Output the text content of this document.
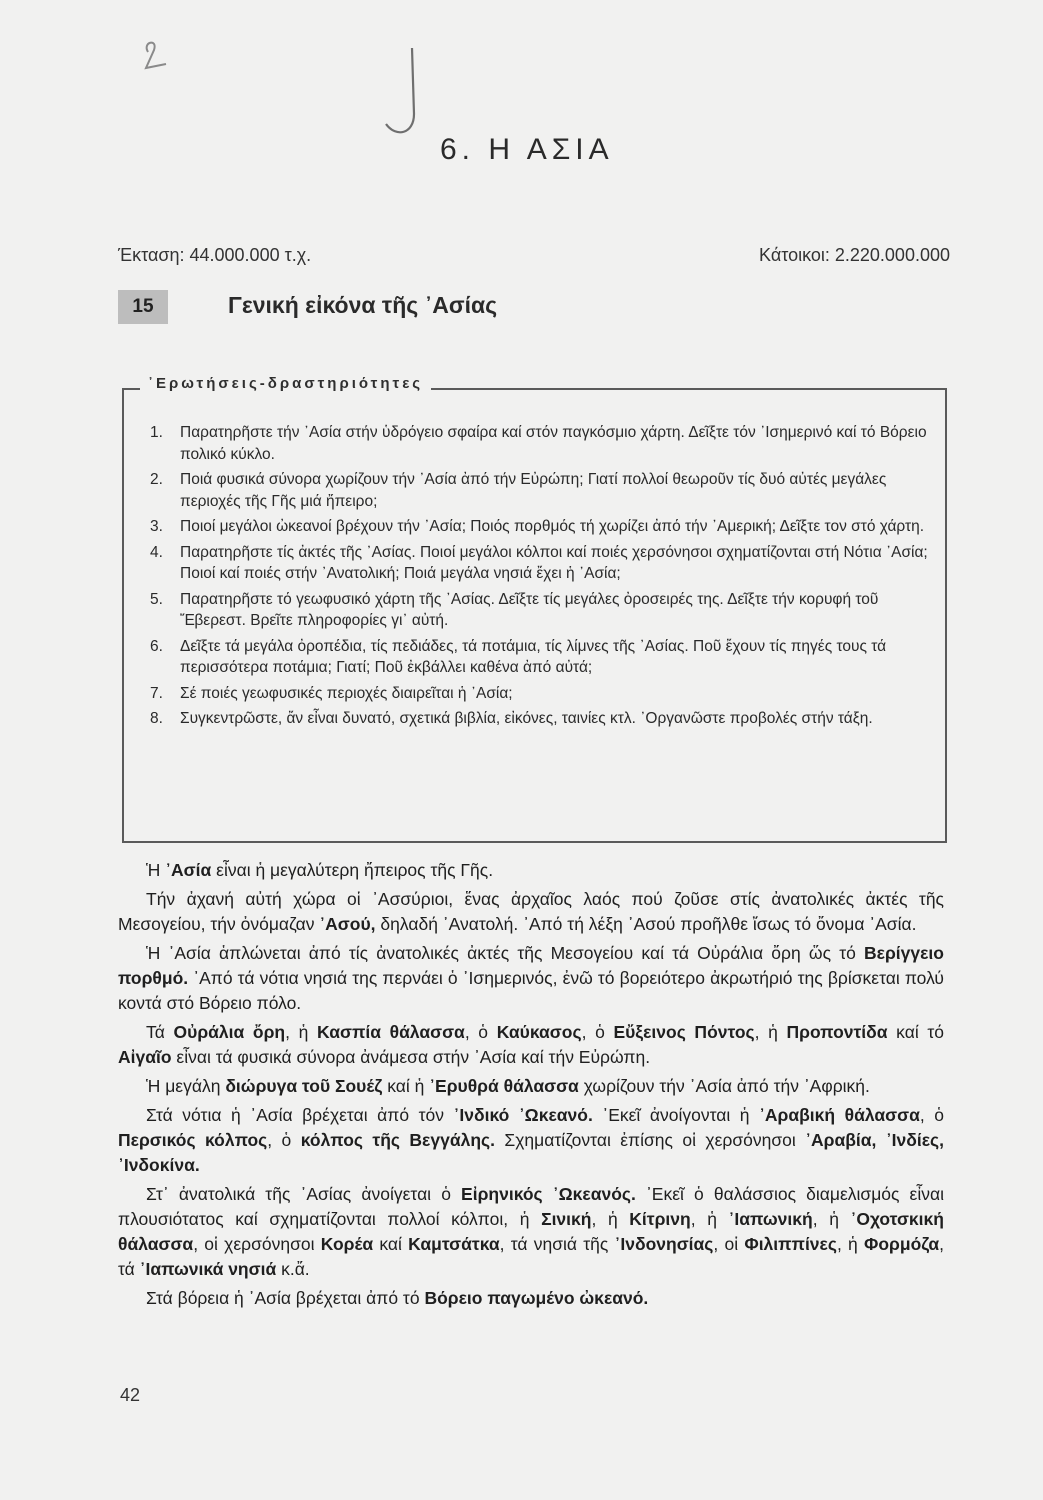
6. Η ΑΣΙΑ
Έκταση: 44.000.000 τ.χ.	Κάτοικοι: 2.220.000.000
15	Γενική εἰκόνα τῆς ᾿Ασίας
᾿Ερωτήσεις-δραστηριότητες
1.	Παρατηρῆστε τήν ᾿Ασία στήν ὑδρόγειο σφαίρα καί στόν παγκόσμιο χάρτη. Δεῖξτε τόν ᾿Ισημερινό καί τό Βόρειο πολικό κύκλο.
2.	Ποιά φυσικά σύνορα χωρίζουν τήν ᾿Ασία ἀπό τήν Εὐρώπη; Γιατί πολλοί θεωροῦν τίς δυό αὐτές μεγάλες περιοχές τῆς Γῆς μιά ἤπειρο;
3.	Ποιοί μεγάλοι ὠκεανοί βρέχουν τήν ᾿Ασία; Ποιός πορθμός τή χωρίζει ἀπό τήν ᾿Αμερική; Δεῖξτε τον στό χάρτη.
4.	Παρατηρῆστε τίς ἀκτές τῆς ᾿Ασίας. Ποιοί μεγάλοι κόλποι καί ποιές χερσόνησοι σχηματίζονται στή Νότια ᾿Ασία; Ποιοί καί ποιές στήν ᾿Ανατολική; Ποιά μεγάλα νησιά ἔχει ἡ ᾿Ασία;
5.	Παρατηρῆστε τό γεωφυσικό χάρτη τῆς ᾿Ασίας. Δεῖξτε τίς μεγάλες ὀροσειρές της. Δεῖξτε τήν κορυφή τοῦ Ἔβερεστ. Βρεῖτε πληροφορίες γι᾿ αὐτή.
6.	Δεῖξτε τά μεγάλα ὀροπέδια, τίς πεδιάδες, τά ποτάμια, τίς λίμνες τῆς ᾿Ασίας. Ποῦ ἔχουν τίς πηγές τους τά περισσότερα ποτάμια; Γιατί; Ποῦ ἐκβάλλει καθένα ἀπό αὐτά;
7.	Σέ ποιές γεωφυσικές περιοχές διαιρεῖται ἡ ᾿Ασία;
8.	Συγκεντρῶστε, ἄν εἶναι δυνατό, σχετικά βιβλία, εἰκόνες, ταινίες κτλ. ᾿Οργανῶστε προβολές στήν τάξη.

Ἡ ᾿Ασία εἶναι ἡ μεγαλύτερη ἤπειρος τῆς Γῆς.

Τήν ἀχανή αὐτή χώρα οἱ ᾿Ασσύριοι, ἕνας ἀρχαῖος λαός πού ζοῦσε στίς ἀνατολικές ἀκτές τῆς Μεσογείου, τήν ὀνόμαζαν ᾿Ασού, δηλαδή ᾿Ανατολή. ᾿Από τή λέξη ᾿Ασού προῆλθε ἴσως τό ὄνομα ᾿Ασία.

Ἡ ᾿Ασία ἁπλώνεται ἀπό τίς ἀνατολικές ἀκτές τῆς Μεσογείου καί τά Οὐράλια ὄρη ὥς τό Βερίγγειο πορθμό. ᾿Από τά νότια νησιά της περνάει ὁ ᾿Ισημερινός, ἐνῶ τό βορειότερο ἀκρωτήριό της βρίσκεται πολύ κοντά στό Βόρειο πόλο.

Τά Οὐράλια ὄρη, ἡ Κασπία θάλασσα, ὁ Καύκασος, ὁ Εὔξεινος Πόντος, ἡ Προποντίδα καί τό Αἰγαῖο εἶναι τά φυσικά σύνορα ἀνάμεσα στήν ᾿Ασία καί τήν Εὐρώπη.

Ἡ μεγάλη διώρυγα τοῦ Σουέζ καί ἡ ᾿Ερυθρά θάλασσα χωρίζουν τήν ᾿Ασία ἀπό τήν ᾿Αφρική.

Στά νότια ἡ ᾿Ασία βρέχεται ἀπό τόν ᾿Ινδικό ᾿Ωκεανό. ᾿Εκεῖ ἀνοίγονται ἡ ᾿Αραβική θάλασσα, ὁ Περσικός κόλπος, ὁ κόλπος τῆς Βεγγάλης. Σχηματίζονται ἐπίσης οἱ χερσόνησοι ᾿Αραβία, ᾿Ινδίες, ᾿Ινδοκίνα.

Στ᾿ ἀνατολικά τῆς ᾿Ασίας ἀνοίγεται ὁ Εἰρηνικός ᾿Ωκεανός. ᾿Εκεῖ ὁ θαλάσσιος διαμελισμός εἶναι πλουσιότατος καί σχηματίζονται πολλοί κόλποι, ἡ Σινική, ἡ Κίτρινη, ἡ ᾿Ιαπωνική, ἡ ᾿Οχοτσκική θάλασσα, οἱ χερσόνησοι Κορέα καί Καμτσάτκα, τά νησιά τῆς ᾿Ινδονησίας, οἱ Φιλιππίνες, ἡ Φορμόζα, τά ᾿Ιαπωνικά νησιά κ.ἄ.

Στά βόρεια ἡ ᾿Ασία βρέχεται ἀπό τό Βόρειο παγωμένο ὠκεανό.

42
